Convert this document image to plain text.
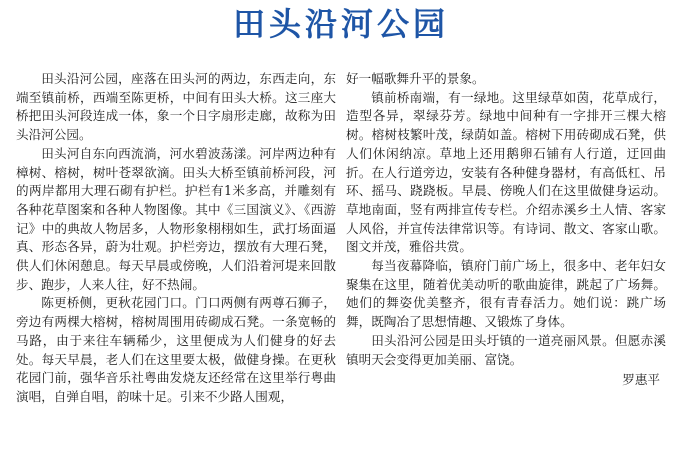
田头沿河公园

田头沿河公园，座落在田头河的两边，东西走向，东端至镇前桥，西端至陈更桥，中间有田头大桥。这三座大桥把田头河段连成一体，象一个日字扇形走廊，故称为田头沿河公园。

田头河自东向西流淌，河水碧波荡漾。河岸两边种有樟树、榕树，树叶苍翠欲滴。田头大桥至镇前桥河段，河的两岸都用大理石砌有护栏。护栏有1米多高，并雕刻有各种花草图案和各种人物图像。其中《三国演义》、《西游记》中的典故人物居多，人物形象栩栩如生，武打场面逼真、形态各异，蔚为壮观。护栏旁边，摆放有大理石凳，供人们休闲憩息。每天早晨或傍晚，人们沿着河堤来回散步、跑步，人来人往，好不热闹。

陈更桥侧，更秋花园门口。门口两侧有两尊石狮子，旁边有两棵大榕树，榕树周围用砖砌成石凳。一条宽畅的马路，由于来往车辆稀少，这里便成为人们健身的好去处。每天早晨，老人们在这里要太极，做健身操。在更秋花园门前，强华音乐社粤曲发烧友还经常在这里举行粤曲演唱，自弹自唱，韵味十足。引来不少路人围观，

好一幅歌舞升平的景象。

镇前桥南端，有一绿地。这里绿草如茵，花草成行，造型各异，翠绿芬芳。绿地中间种有一字排开三棵大榕树。榕树枝繁叶茂，绿荫如盖。榕树下用砖砌成石凳，供人们休闲纳凉。草地上还用鹅卵石铺有人行道，迂回曲折。在人行道旁边，安装有各种健身器材，有高低杠、吊环、摇马、跷跷板。早晨、傍晚人们在这里做健身运动。草地南面，竖有两排宣传专栏。介绍赤溪乡土人情、客家人风俗，并宣传法律常识等。有诗词、散文、客家山歌。图文并茂，雅俗共赏。

每当夜幕降临，镇府门前广场上，很多中、老年妇女聚集在这里，随着优美动听的歌曲旋律，跳起了广场舞。她们的舞姿优美整齐，很有青春活力。她们说：跳广场舞，既陶冶了思想情趣、又锻炼了身体。

田头沿河公园是田头圩镇的一道亮丽风景。但愿赤溪镇明天会变得更加美丽、富饶。

罗惠平
